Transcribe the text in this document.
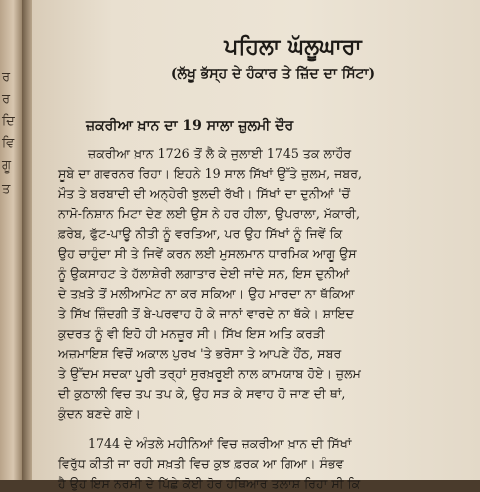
ਰ
ਰ
ਦਿ
ਵਿ
ਗੂ
ਤ
ਪਹਿਲਾ ਘੱਲੂਘਾਰਾ
(ਲੱਖੂ ਭੱਸ੍ਹ ਦੇ ਹੰਕਾਰ ਤੇ ਜ਼ਿੱਦ ਦਾ ਸਿੱਟਾ)
ਜ਼ਕਰੀਆ ਖ਼ਾਨ ਦਾ 19 ਸਾਲਾ ਜ਼ੁਲਮੀ ਦੌਰ
ਜ਼ਕਰੀਆ ਖ਼ਾਨ 1726 ਤੋਂ ਲੈ ਕੇ ਜੁਲਾਈ 1745 ਤਕ ਲਾਹੌਰ
ਸੂਬੇ ਦਾ ਗਵਰਨਰ ਰਿਹਾ। ਇਹਨੇ 19 ਸਾਲ ਸਿੱਖਾਂ ਉੱਤੇ ਜ਼ੁਲਮ, ਜਬਰ,
ਮੌਤ ਤੇ ਬਰਬਾਦੀ ਦੀ ਅਨ੍ਹੇਰੀ ਝੁਲਦੀ ਰੱਖੀ। ਸਿੱਖਾਂ ਦਾ ਦੁਨੀਆਂ 'ਚੋਂ
ਨਾਮੋ-ਨਿਸ਼ਾਨ ਮਿਟਾ ਦੇਣ ਲਈ ਉਸ ਨੇ ਹਰ ਹੀਲਾ, ਉਪਰਾਲਾ, ਮੱਕਾਰੀ,
ਫ਼ਰੇਬ, ਫੁੱਟ-ਪਾਊ ਨੀਤੀ ਨੂੰ ਵਰਤਿਆ, ਪਰ ਉਹ ਸਿੱਖਾਂ ਨੂੰ ਜਿਵੇਂ ਕਿ
ਉਹ ਚਾਹੁੰਦਾ ਸੀ ਤੇ ਜਿਵੇਂ ਕਰਨ ਲਈ ਮੁਸਲਮਾਨ ਧਾਰਮਿਕ ਆਗੂ ਉਸ
ਨੂੰ ਉਕਸਾਹਟ ਤੇ ਹੱਲਾਸ਼ੇਰੀ ਲਗਾਤਾਰ ਦੇਈ ਜਾਂਦੇ ਸਨ, ਇਸ ਦੁਨੀਆਂ
ਦੇ ਤਖ਼ਤੇ ਤੋਂ ਮਲੀਆਮੇਟ ਨਾ ਕਰ ਸਕਿਆ। ਉਹ ਮਾਰਦਾ ਨਾ ਥੱਕਿਆ
ਤੇ ਸਿੱਖ ਜ਼ਿੰਦਗੀ ਤੋਂ ਬੇ-ਪਰਵਾਹ ਹੋ ਕੇ ਜਾਨਾਂ ਵਾਰਦੇ ਨਾ ਥੱਕੇ। ਸ਼ਾਇਦ
ਕੁਦਰਤ ਨੂੰ ਵੀ ਇਹੋ ਹੀ ਮਨਜ਼ੂਰ ਸੀ। ਸਿੱਖ ਇਸ ਅਤਿ ਕਰੜੀ
ਅਜ਼ਮਾਇਸ਼ ਵਿਚੋਂ ਅਕਾਲ ਪੁਰਖ 'ਤੇ ਭਰੋਸਾ ਤੇ ਆਪਣੇ ਹੌਂਠ, ਸਬਰ
ਤੇ ਉੱਦਮ ਸਦਕਾ ਪੂਰੀ ਤਰ੍ਹਾਂ ਸੁਰਖ਼ਰੂਈ ਨਾਲ ਕਾਮਯਾਬ ਹੋਏ। ਜ਼ੁਲਮ
ਦੀ ਕੁਠਾਲੀ ਵਿਚ ਤਪ ਤਪ ਕੇ, ਉਹ ਸੜ ਕੇ ਸਵਾਹ ਹੋ ਜਾਣ ਦੀ ਥਾਂ,
ਕੁੰਦਨ ਬਣਦੇ ਗਏ।
1744 ਦੇ ਅੰਤਲੇ ਮਹੀਨਿਆਂ ਵਿਚ ਜ਼ਕਰੀਆ ਖ਼ਾਨ ਦੀ ਸਿੱਖਾਂ
ਵਿਰੁੱਧ ਕੀਤੀ ਜਾ ਰਹੀ ਸਖ਼ਤੀ ਵਿਚ ਕੁਝ ਫ਼ਰਕ ਆ ਗਿਆ। ਸੰਭਵ
ਹੈ ਉਹ ਇਸ ਨਰਮੀ ਦੇ ਪਿੱਛੇ ਕੋਈ ਹੋਰ ਹਥਿਆਰ ਤਲਾਸ਼ ਰਿਹਾ ਸੀ ਕਿ
